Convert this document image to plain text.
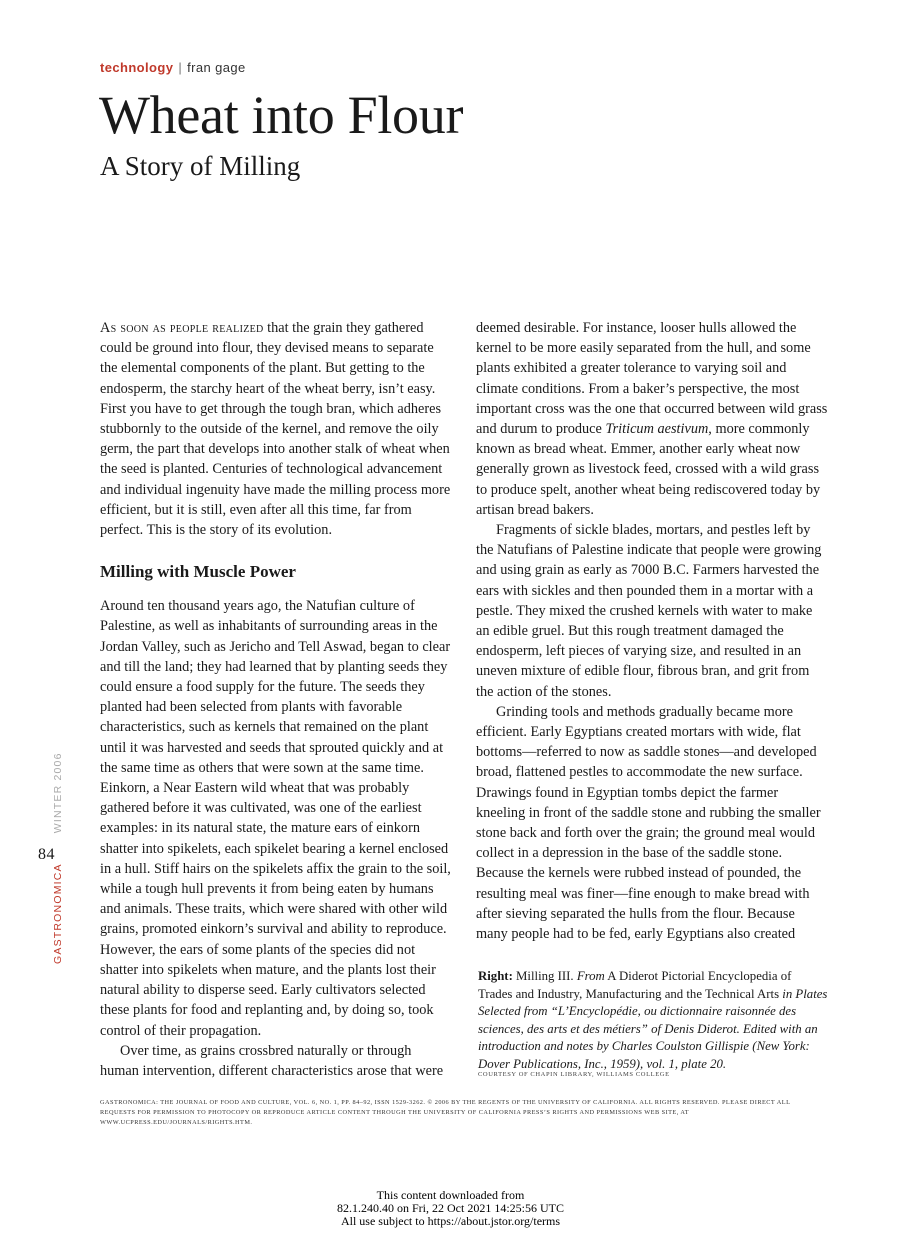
technology | fran gage
Wheat into Flour
A Story of Milling

As soon as people realized that the grain they gathered could be ground into flour, they devised means to separate the elemental components of the plant. But getting to the endosperm, the starchy heart of the wheat berry, isn’t easy. First you have to get through the tough bran, which adheres stubbornly to the outside of the kernel, and remove the oily germ, the part that develops into another stalk of wheat when the seed is planted. Centuries of technological advancement and individual ingenuity have made the milling process more efficient, but it is still, even after all this time, far from perfect. This is the story of its evolution.

Milling with Muscle Power

Around ten thousand years ago, the Natufian culture of Palestine, as well as inhabitants of surrounding areas in the Jordan Valley, such as Jericho and Tell Aswad, began to clear and till the land; they had learned that by planting seeds they could ensure a food supply for the future. The seeds they planted had been selected from plants with favorable characteristics, such as kernels that remained on the plant until it was harvested and seeds that sprouted quickly and at the same time as others that were sown at the same time. Einkorn, a Near Eastern wild wheat that was probably gathered before it was cultivated, was one of the earliest examples: in its natural state, the mature ears of einkorn shatter into spikelets, each spikelet bearing a kernel enclosed in a hull. Stiff hairs on the spikelets affix the grain to the soil, while a tough hull prevents it from being eaten by humans and animals. These traits, which were shared with other wild grains, promoted einkorn’s survival and ability to reproduce. However, the ears of some plants of the species did not shatter into spikelets when mature, and the plants lost their natural ability to disperse seed. Early cultivators selected these plants for food and replanting and, by doing so, took control of their propagation.

Over time, as grains crossbred naturally or through human intervention, different characteristics arose that were

deemed desirable. For instance, looser hulls allowed the kernel to be more easily separated from the hull, and some plants exhibited a greater tolerance to varying soil and climate conditions. From a baker’s perspective, the most important cross was the one that occurred between wild grass and durum to produce Triticum aestivum, more commonly known as bread wheat. Emmer, another early wheat now generally grown as livestock feed, crossed with a wild grass to produce spelt, another wheat being rediscovered today by artisan bread bakers.

Fragments of sickle blades, mortars, and pestles left by the Natufians of Palestine indicate that people were growing and using grain as early as 7000 B.C. Farmers harvested the ears with sickles and then pounded them in a mortar with a pestle. They mixed the crushed kernels with water to make an edible gruel. But this rough treatment damaged the endosperm, left pieces of varying size, and resulted in an uneven mixture of edible flour, fibrous bran, and grit from the action of the stones.

Grinding tools and methods gradually became more efficient. Early Egyptians created mortars with wide, flat bottoms—referred to now as saddle stones—and developed broad, flattened pestles to accommodate the new surface. Drawings found in Egyptian tombs depict the farmer kneeling in front of the saddle stone and rubbing the smaller stone back and forth over the grain; the ground meal would collect in a depression in the base of the saddle stone. Because the kernels were rubbed instead of pounded, the resulting meal was finer—fine enough to make bread with after sieving separated the hulls from the flour. Because many people had to be fed, early Egyptians also created

Right: Milling III. From A Diderot Pictorial Encyclopedia of Trades and Industry, Manufacturing and the Technical Arts in Plates Selected from “L’Encyclopédie, ou dictionnaire raisonnée des sciences, des arts et des métiers” of Denis Diderot. Edited with an introduction and notes by Charles Coulston Gillispie (New York: Dover Publications, Inc., 1959), vol. 1, plate 20.
COURTESY OF CHAPIN LIBRARY, WILLIAMS COLLEGE
GASTRONOMICA: THE JOURNAL OF FOOD AND CULTURE, VOL. 6, NO. 1, PP. 84–92, ISSN 1529-3262. © 2006 BY THE REGENTS OF THE UNIVERSITY OF CALIFORNIA. ALL RIGHTS RESERVED. PLEASE DIRECT ALL REQUESTS FOR PERMISSION TO PHOTOCOPY OR REPRODUCE ARTICLE CONTENT THROUGH THE UNIVERSITY OF CALIFORNIA PRESS’S RIGHTS AND PERMISSIONS WEB SITE, AT WWW.UCPRESS.EDU/JOURNALS/RIGHTS.HTM.
GASTRONOMICAWINTER 2006
84
This content downloaded from
82.1.240.40 on Fri, 22 Oct 2021 14:25:56 UTC
All use subject to https://about.jstor.org/terms
